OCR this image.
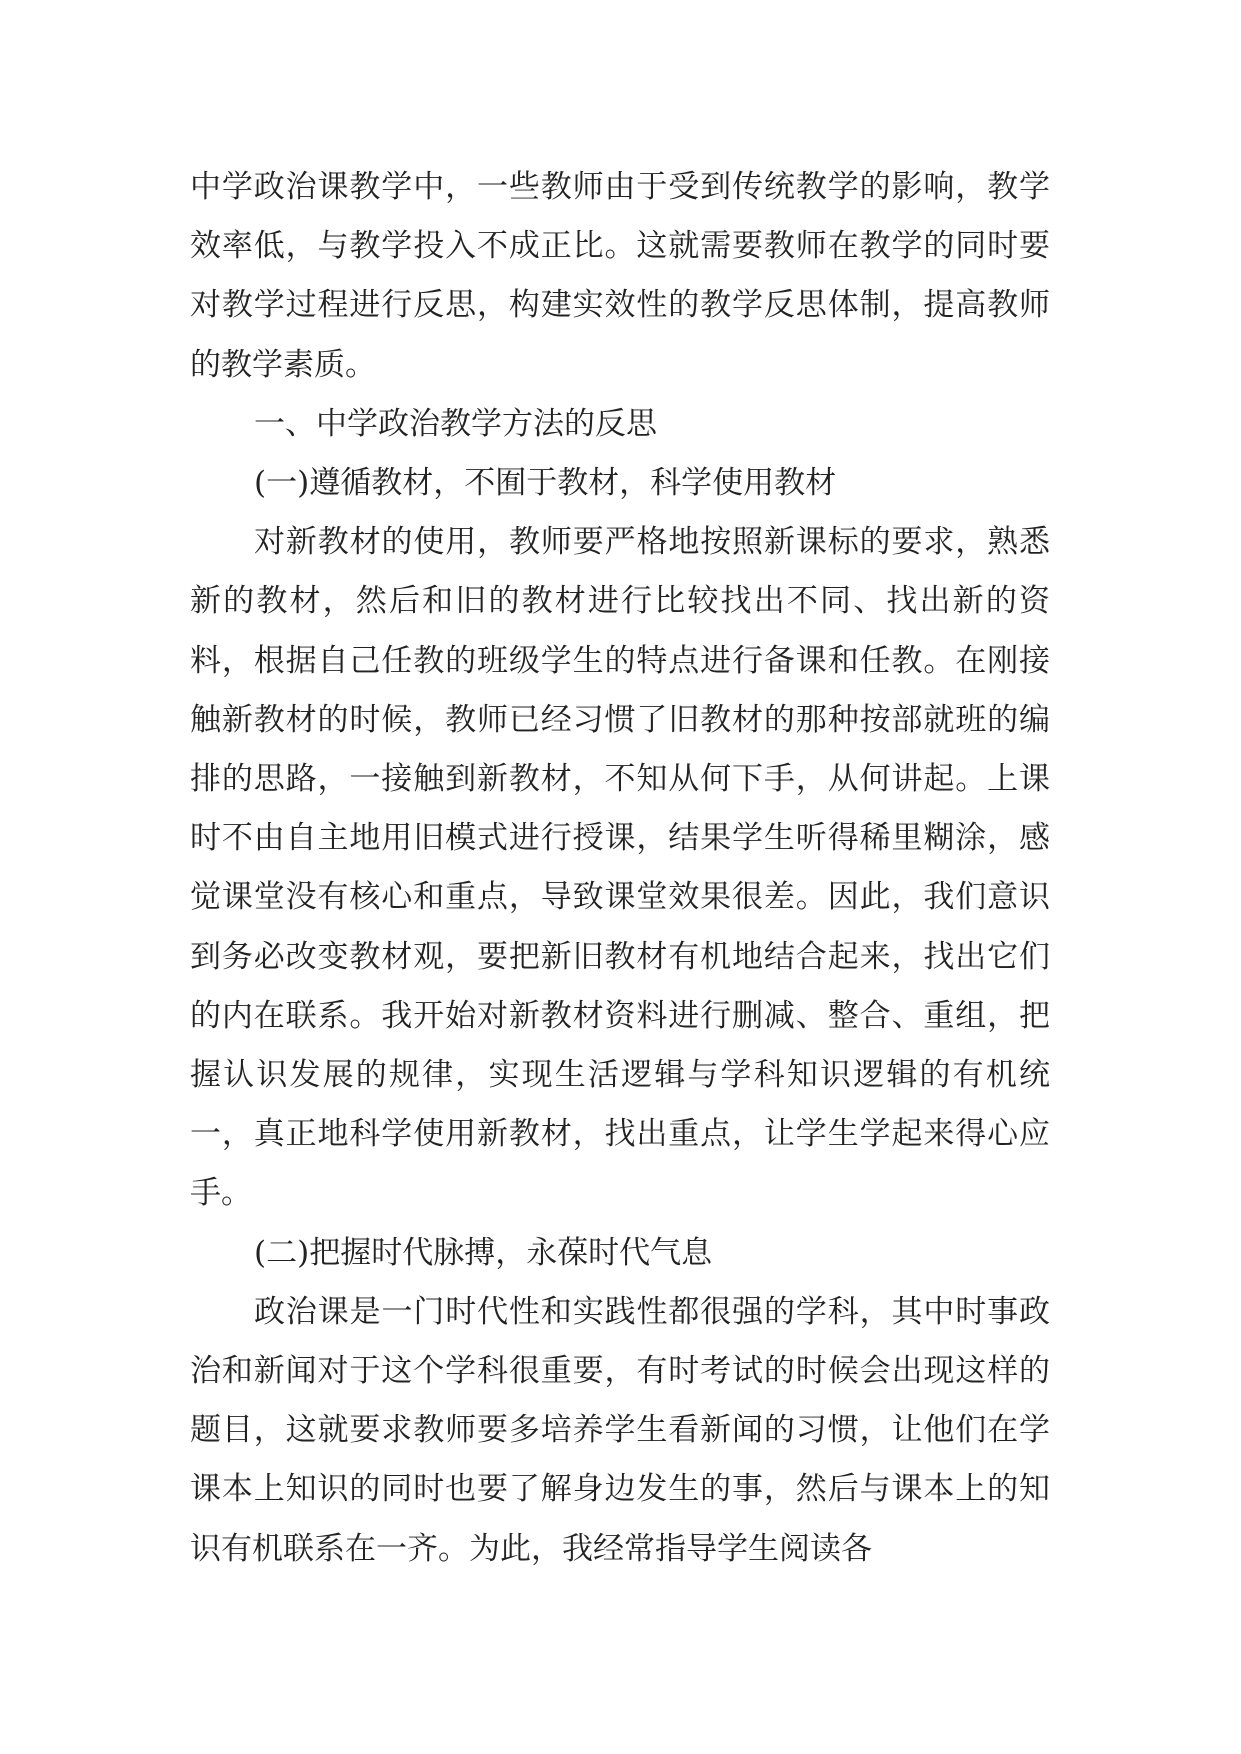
中学政治课教学中，一些教师由于受到传统教学的影响，教学效率低，与教学投入不成正比。这就需要教师在教学的同时要对教学过程进行反思，构建实效性的教学反思体制，提高教师的教学素质。

一、中学政治教学方法的反思

(一)遵循教材，不囿于教材，科学使用教材

对新教材的使用，教师要严格地按照新课标的要求，熟悉新的教材，然后和旧的教材进行比较找出不同、找出新的资料，根据自己任教的班级学生的特点进行备课和任教。在刚接触新教材的时候，教师已经习惯了旧教材的那种按部就班的编排的思路，一接触到新教材，不知从何下手，从何讲起。上课时不由自主地用旧模式进行授课，结果学生听得稀里糊涂，感觉课堂没有核心和重点，导致课堂效果很差。因此，我们意识到务必改变教材观，要把新旧教材有机地结合起来，找出它们的内在联系。我开始对新教材资料进行删减、整合、重组，把握认识发展的规律，实现生活逻辑与学科知识逻辑的有机统一，真正地科学使用新教材，找出重点，让学生学起来得心应手。

(二)把握时代脉搏，永葆时代气息

政治课是一门时代性和实践性都很强的学科，其中时事政治和新闻对于这个学科很重要，有时考试的时候会出现这样的题目，这就要求教师要多培养学生看新闻的习惯，让他们在学课本上知识的同时也要了解身边发生的事，然后与课本上的知识有机联系在一齐。为此，我经常指导学生阅读各
